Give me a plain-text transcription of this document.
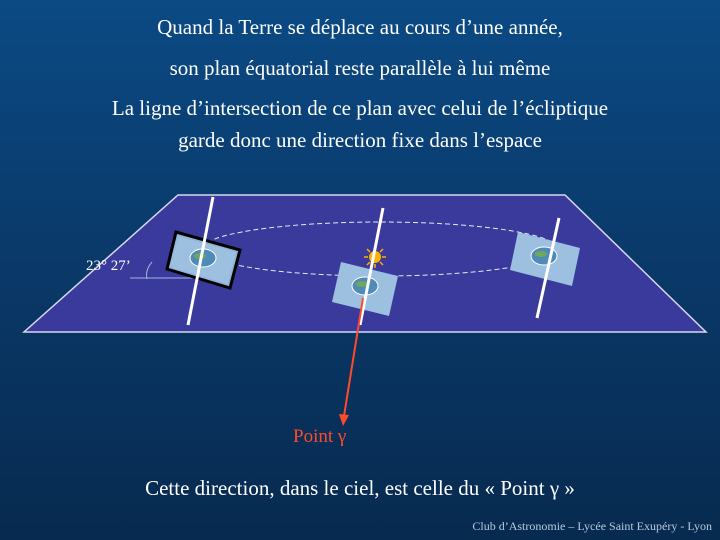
Quand la Terre se déplace au cours d’une année,
son plan équatorial reste parallèle à lui même
La ligne d’intersection de ce plan avec celui de l’écliptique
garde donc une direction fixe dans l’espace
23° 27’
Point γ
Cette direction, dans le ciel, est celle du « Point γ »
Club d’Astronomie – Lycée Saint Exupéry - Lyon
